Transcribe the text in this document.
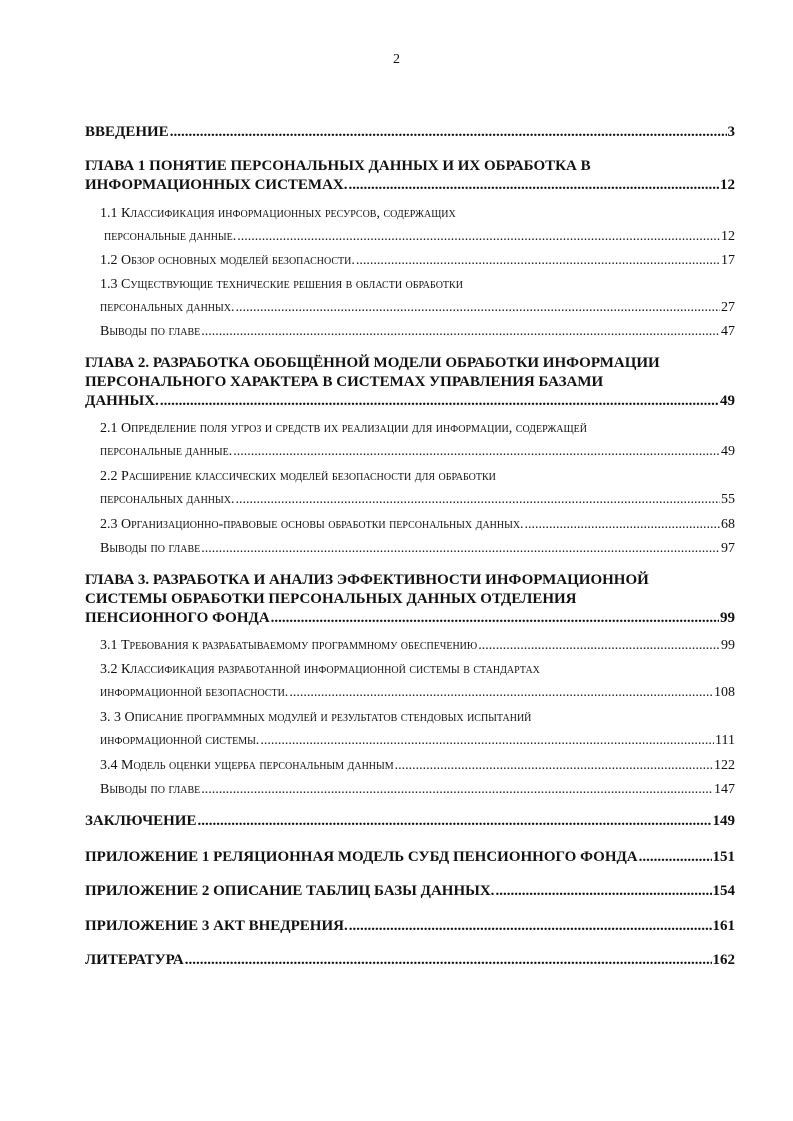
2
ВВЕДЕНИЕ .....	3
ГЛАВА 1 ПОНЯТИЕ ПЕРСОНАЛЬНЫХ ДАННЫХ И ИХ ОБРАБОТКА В
ИНФОРМАЦИОННЫХ СИСТЕМАХ. .....	12
1.1 Классификация информационных ресурсов, содержащих
персональные данные. .....	12
1.2 Обзор основных моделей безопасности. .....	17
1.3 Существующие технические решения в области обработки
персональных данных. .....	27
Выводы по главе .....	47
ГЛАВА 2. РАЗРАБОТКА ОБОБЩЁННОЙ МОДЕЛИ ОБРАБОТКИ ИНФОРМАЦИИ
ПЕРСОНАЛЬНОГО ХАРАКТЕРА В СИСТЕМАХ УПРАВЛЕНИЯ БАЗАМИ
ДАННЫХ. .....	49
2.1 Определение поля угроз и средств их реализации для информации, содержащей
персональные данные. .....	49
2.2 Расширение классических моделей безопасности для обработки
персональных данных. .....	55
2.3 Организационно-правовые основы обработки персональных данных. .....	68
Выводы по главе .....	97
ГЛАВА 3. РАЗРАБОТКА И АНАЛИЗ ЭФФЕКТИВНОСТИ ИНФОРМАЦИОННОЙ
СИСТЕМЫ ОБРАБОТКИ ПЕРСОНАЛЬНЫХ ДАННЫХ ОТДЕЛЕНИЯ
ПЕНСИОННОГО ФОНДА .....	99
3.1 Требования к разрабатываемому программному обеспечению .....	99
3.2 Классификация разработанной информационной системы в стандартах
информационной безопасности. .....	108
3. 3 Описание программных модулей и результатов стендовых испытаний
информационной системы. .....	111
3.4 Модель оценки ущерба персональным данным .....	122
Выводы по главе .....	147
ЗАКЛЮЧЕНИЕ .....	149
ПРИЛОЖЕНИЕ 1 РЕЛЯЦИОННАЯ МОДЕЛЬ СУБД ПЕНСИОННОГО ФОНДА .....	151
ПРИЛОЖЕНИЕ 2 ОПИСАНИЕ ТАБЛИЦ БАЗЫ ДАННЫХ. .....	154
ПРИЛОЖЕНИЕ 3 АКТ ВНЕДРЕНИЯ. .....	161
ЛИТЕРАТУРА .....	162
